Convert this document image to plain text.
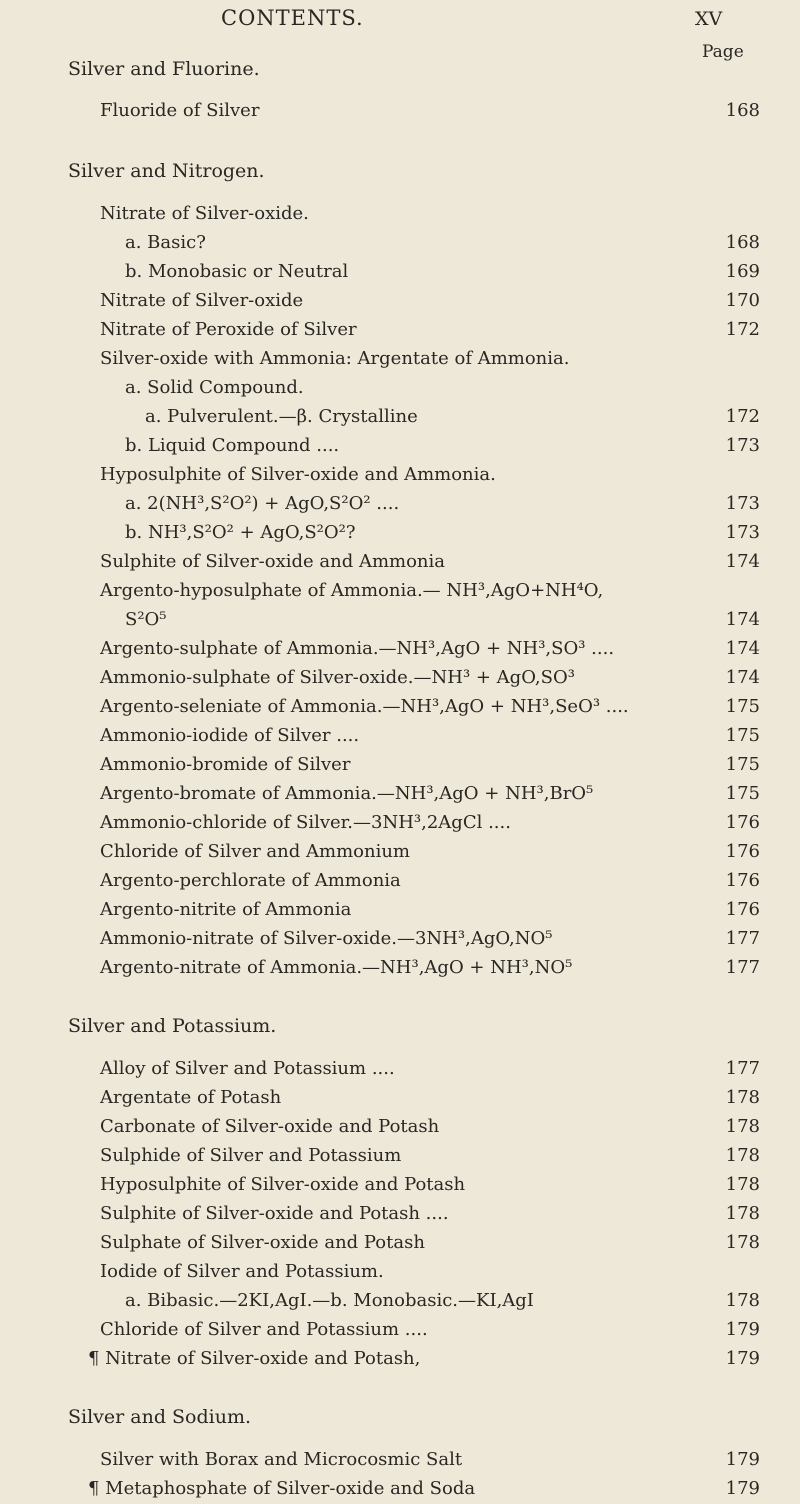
CONTENTS.	XV
Page
Silver and Fluorine.
Fluoride of Silver	168
Silver and Nitrogen.
Nitrate of Silver-oxide.
a. Basic?	168
b. Monobasic or Neutral	169
Nitrate of Silver-oxide	170
Nitrate of Peroxide of Silver	172
Silver-oxide with Ammonia: Argentate of Ammonia.
a. Solid Compound.
a. Pulverulent.—β. Crystalline	172
b. Liquid Compound ....	173
Hyposulphite of Silver-oxide and Ammonia.
a. 2(NH³,S²O²) + AgO,S²O² ....	173
b. NH³,S²O² + AgO,S²O²?	173
Sulphite of Silver-oxide and Ammonia	174
Argento-hyposulphate of Ammonia.— NH³,AgO+NH⁴O,
S²O⁵	174
Argento-sulphate of Ammonia.—NH³,AgO + NH³,SO³ ....	174
Ammonio-sulphate of Silver-oxide.—NH³ + AgO,SO³	174
Argento-seleniate of Ammonia.—NH³,AgO + NH³,SeO³ ....	175
Ammonio-iodide of Silver ....	175
Ammonio-bromide of Silver	175
Argento-bromate of Ammonia.—NH³,AgO + NH³,BrO⁵	175
Ammonio-chloride of Silver.—3NH³,2AgCl ....	176
Chloride of Silver and Ammonium	176
Argento-perchlorate of Ammonia	176
Argento-nitrite of Ammonia	176
Ammonio-nitrate of Silver-oxide.—3NH³,AgO,NO⁵	177
Argento-nitrate of Ammonia.—NH³,AgO + NH³,NO⁵	177
Silver and Potassium.
Alloy of Silver and Potassium ....	177
Argentate of Potash	178
Carbonate of Silver-oxide and Potash	178
Sulphide of Silver and Potassium	178
Hyposulphite of Silver-oxide and Potash	178
Sulphite of Silver-oxide and Potash ....	178
Sulphate of Silver-oxide and Potash	178
Iodide of Silver and Potassium.
a. Bibasic.—2KI,AgI.—b. Monobasic.—KI,AgI	178
Chloride of Silver and Potassium ....	179
¶ Nitrate of Silver-oxide and Potash,	179
Silver and Sodium.
Silver with Borax and Microcosmic Salt	179
¶ Metaphosphate of Silver-oxide and Soda	179
